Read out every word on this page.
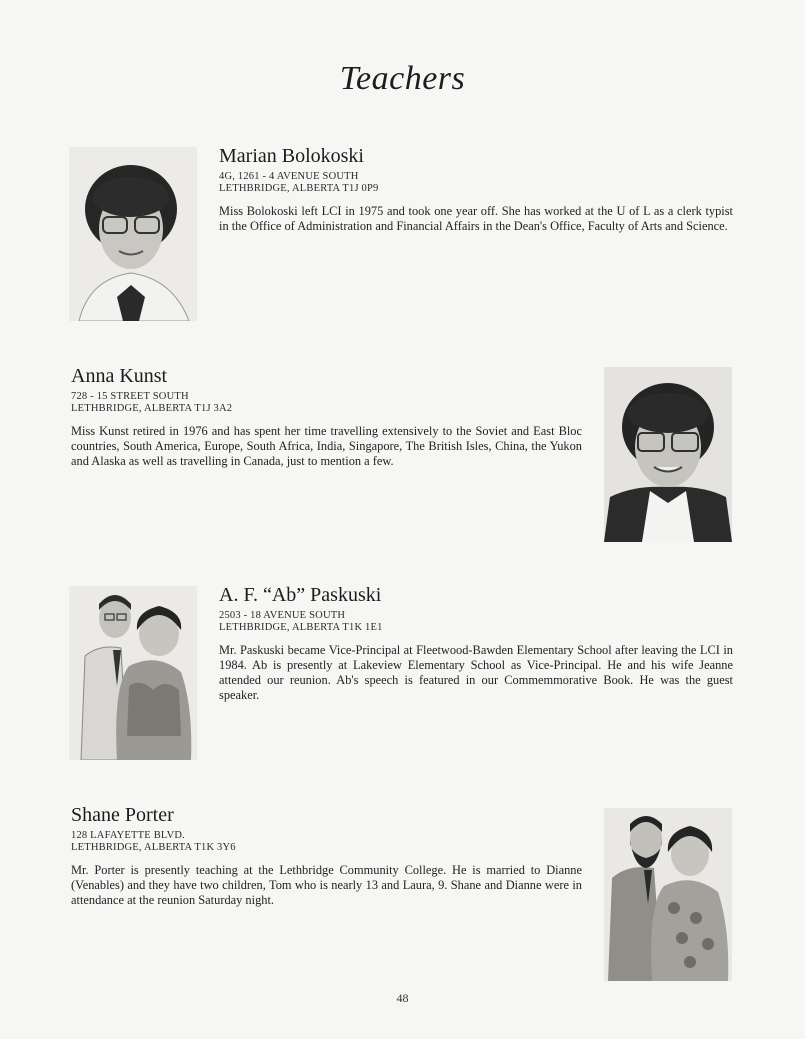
Teachers
Marian Bolokoski
4G, 1261 - 4 AVENUE SOUTH
LETHBRIDGE, ALBERTA T1J 0P9
Miss Bolokoski left LCI in 1975 and took one year off. She has worked at the U of L as a clerk typist in the Office of Administration and Financial Affairs in the Dean's Office, Faculty of Arts and Science.
Anna Kunst
728 - 15 STREET SOUTH
LETHBRIDGE, ALBERTA T1J 3A2
Miss Kunst retired in 1976 and has spent her time travelling extensively to the Soviet and East Bloc countries, South America, Europe, South Africa, India, Singapore, The British Isles, China, the Yukon and Alaska as well as travelling in Canada, just to mention a few.
A. F. “Ab” Paskuski
2503 - 18 AVENUE SOUTH
LETHBRIDGE, ALBERTA T1K 1E1
Mr. Paskuski became Vice-Principal at Fleetwood-Bawden Elementary School after leaving the LCI in 1984. Ab is presently at Lakeview Elementary School as Vice-Principal. He and his wife Jeanne attended our reunion. Ab's speech is featured in our Commemmorative Book. He was the guest speaker.
Shane Porter
128 LAFAYETTE BLVD.
LETHBRIDGE, ALBERTA T1K 3Y6
Mr. Porter is presently teaching at the Lethbridge Community College. He is married to Dianne (Venables) and they have two children, Tom who is nearly 13 and Laura, 9. Shane and Dianne were in attendance at the reunion Saturday night.
48
